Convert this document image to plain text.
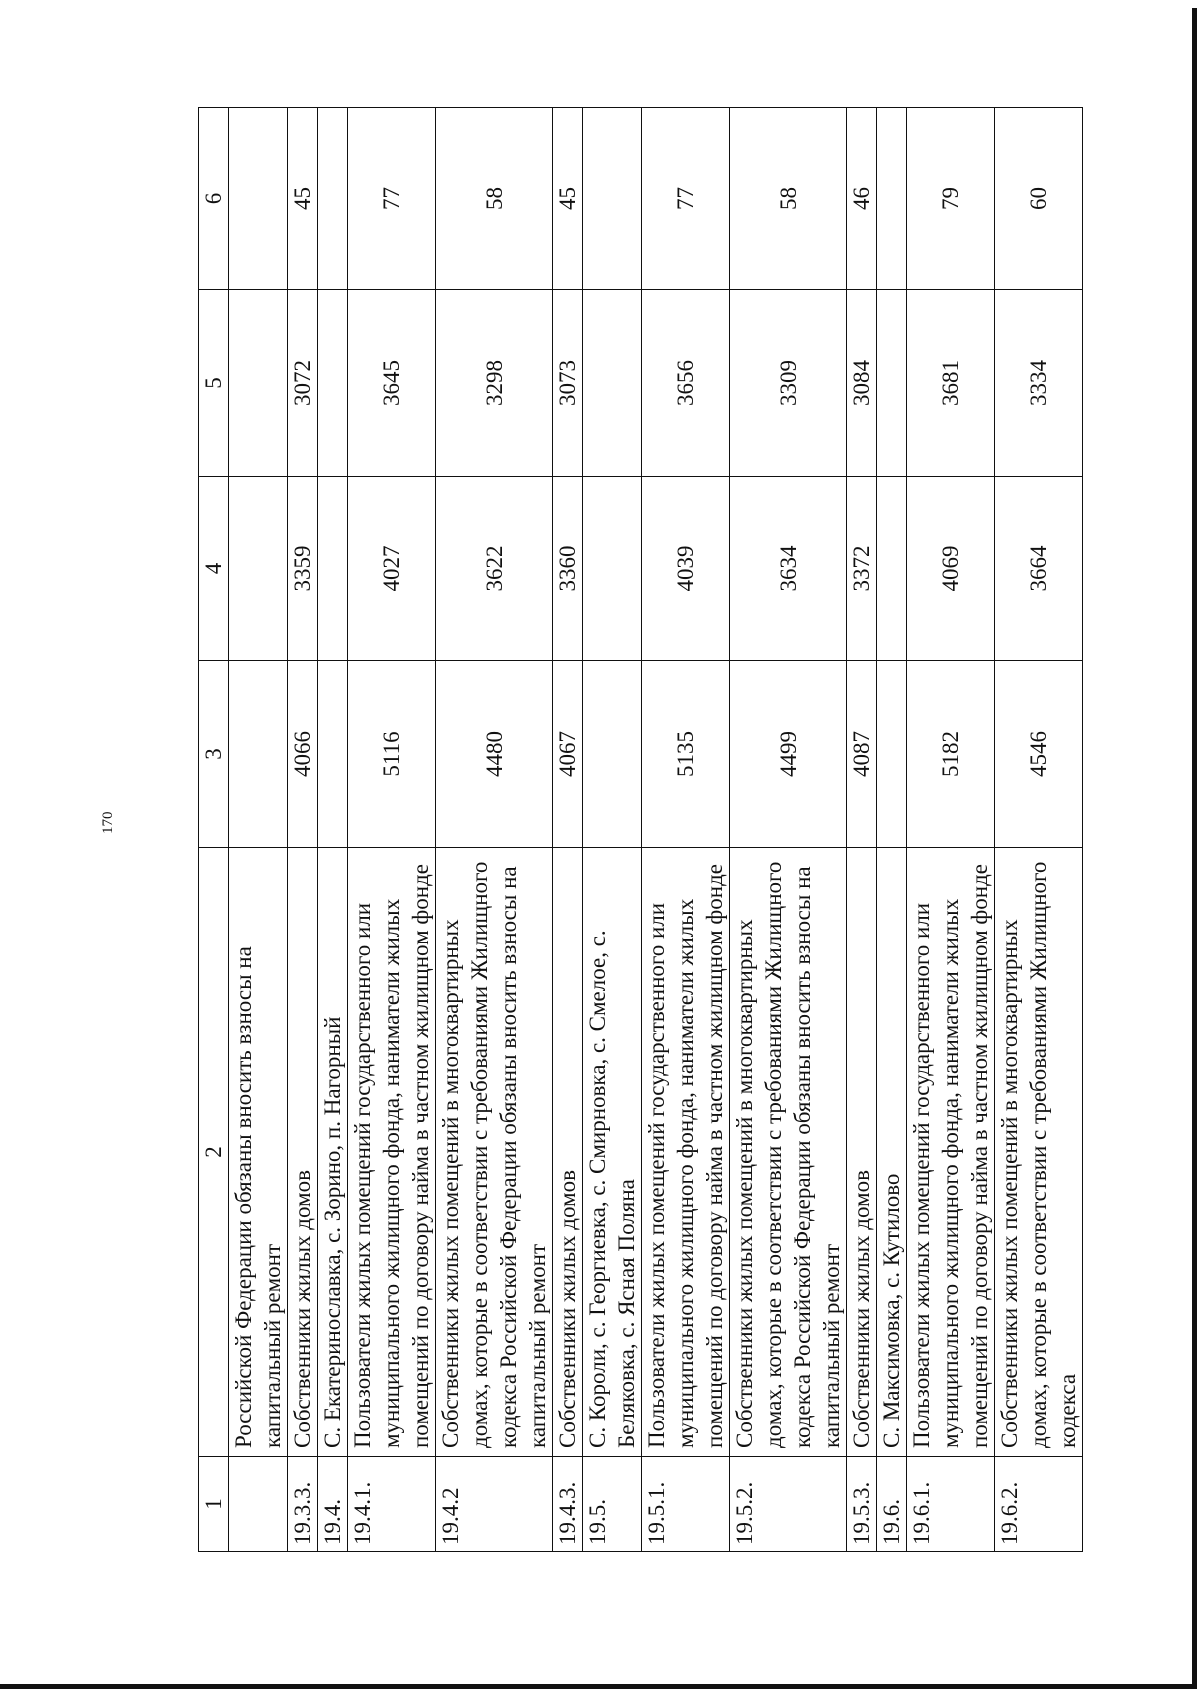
170
1	2	3	4	5	6
	Российской Федерации обязаны вносить взносы на капитальный ремонт				
19.3.3.	Собственники жилых домов	4066	3359	3072	45
19.4.	С. Екатеринославка, с. Зорино, п. Нагорный				
19.4.1.	Пользователи жилых помещений государственного или муниципального жилищного фонда, наниматели жилых помещений по договору найма в частном жилищном фонде	5116	4027	3645	77
19.4.2	Собственники жилых помещений в многоквартирных домах, которые в соответствии с требованиями Жилищного кодекса Российской Федерации обязаны вносить взносы на капитальный ремонт	4480	3622	3298	58
19.4.3.	Собственники жилых домов	4067	3360	3073	45
19.5.	С. Короли, с. Георгиевка, с. Смирновка, с. Смелое, с. Беляковка, с. Ясная Поляна				
19.5.1.	Пользователи жилых помещений государственного или муниципального жилищного фонда, наниматели жилых помещений по договору найма в частном жилищном фонде	5135	4039	3656	77
19.5.2.	Собственники жилых помещений в многоквартирных домах, которые в соответствии с требованиями Жилищного кодекса Российской Федерации обязаны вносить взносы на капитальный ремонт	4499	3634	3309	58
19.5.3.	Собственники жилых домов	4087	3372	3084	46
19.6.	С. Максимовка, с. Кутилово				
19.6.1.	Пользователи жилых помещений государственного или муниципального жилищного фонда, наниматели жилых помещений по договору найма в частном жилищном фонде	5182	4069	3681	79
19.6.2.	Собственники жилых помещений в многоквартирных домах, которые в соответствии с требованиями Жилищного кодекса	4546	3664	3334	60
